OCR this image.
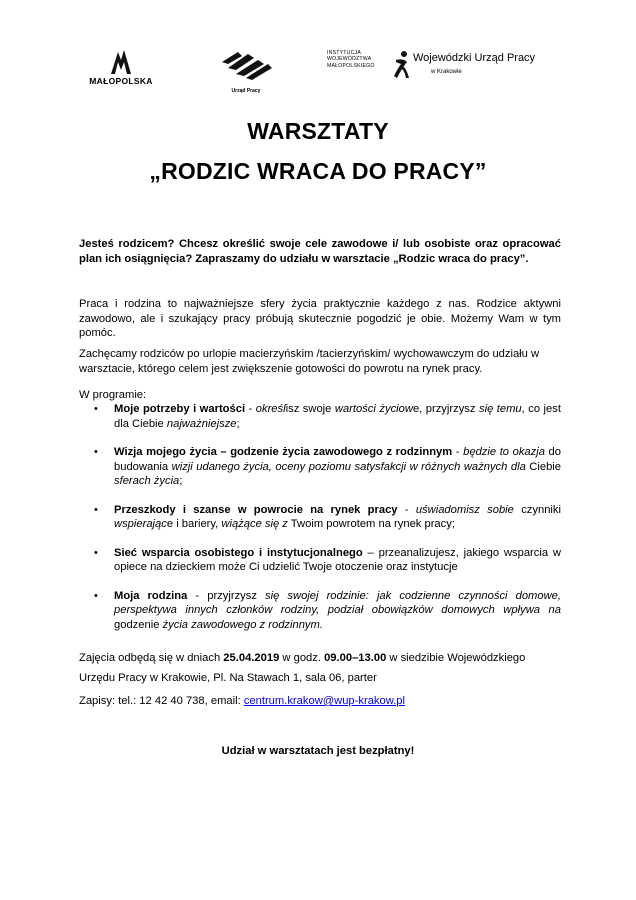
MAŁOPOLSKA
Urząd Pracy
INSTYTUCJA
WOJEWÓDZTWA
MAŁOPOLSKIEGO
Wojewódzki Urząd Pracy
w Krakowie
WARSZTATY
„RODZIC WRACA DO PRACY”
Jesteś rodzicem? Chcesz określić swoje cele zawodowe i/ lub osobiste oraz opracować plan ich osiągnięcia? Zapraszamy do udziału w warsztacie „Rodzic wraca do pracy”.
Praca i rodzina to najważniejsze sfery życia praktycznie każdego z nas. Rodzice aktywni zawodowo, ale i szukający pracy próbują skutecznie pogodzić je obie. Możemy Wam w tym pomóc.
Zachęcamy rodziców po urlopie macierzyńskim /tacierzyńskim/ wychowawczym do udziału w warsztacie, którego celem jest zwiększenie gotowości do powrotu na rynek pracy.
W programie:
• Moje potrzeby i wartości - określisz swoje wartości życiowe, przyjrzysz się temu, co jest dla Ciebie najważniejsze;
• Wizja mojego życia – godzenie życia zawodowego z rodzinnym - będzie to okazja do budowania wizji udanego życia, oceny poziomu satysfakcji w różnych ważnych dla Ciebie sferach życia;
• Przeszkody i szanse w powrocie na rynek pracy - uświadomisz sobie czynniki wspierające i bariery, wiążące się z Twoim powrotem na rynek pracy;
• Sieć wsparcia osobistego i instytucjonalnego – przeanalizujesz, jakiego wsparcia w opiece na dzieckiem może Ci udzielić Twoje otoczenie oraz instytucje
• Moja rodzina - przyjrzysz się swojej rodzinie: jak codzienne czynności domowe, perspektywa innych członków rodziny, podział obowiązków domowych wpływa na godzenie życia zawodowego z rodzinnym.
Zajęcia odbędą się w dniach 25.04.2019 w godz. 09.00–13.00 w siedzibie Wojewódzkiego Urzędu Pracy w Krakowie, Pl. Na Stawach 1, sala 06, parter
Zapisy: tel.: 12 42 40 738, email: centrum.krakow@wup-krakow.pl
Udział w warsztatach jest bezpłatny!
